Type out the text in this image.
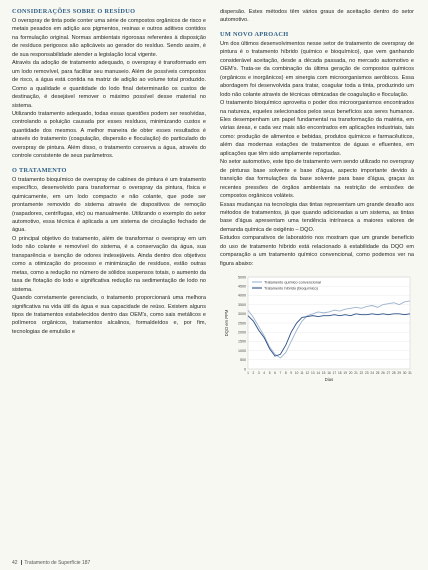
CONSIDERAÇÕES SOBRE O RESÍDUO

O overspray de tinta pode conter uma série de compostos orgânicos de risco e metais pesados em adição aos pigmentos, resinas e outros aditivos contidos na formulação original. Normas ambientais rigorosas referentes à disposição de resíduos perigosos são aplicáveis ao gerador do resíduo. Sendo assim, é de sua responsabilidade atender a legislação local vigente.

Através da adoção de tratamento adequado, o overspray é transformado em um lodo removível, para facilitar seu manuseio. Além de possíveis compostos de risco, a água está contida na matriz de adição ao volume total produzido. Como a qualidade e quantidade do lodo final determinarão os custos de destinação, é desejável remover o máximo possível desse material no sistema.

Utilizando tratamento adequado, todas essas questões podem ser resolvidas, controlando a poluição causada por esses resíduos, minimizando custos e quantidade dos mesmos. A melhor maneira de obter esses resultados é através do tratamento (coagulação, dispersão e floculação) do particulado do overspray de pintura. Além disso, o tratamento conserva a água, através do controle consistente de seus parâmetros.

O TRATAMENTO

O tratamento bioquímico de overspray de cabines de pintura é um tratamento específico, desenvolvido para transformar o overspray da pintura, física e quimicamente, em um lodo compacto e não colante, que pode ser prontamente removido do sistema através de dispositivos de remoção (raspadores, centrífugas, etc) ou manualmente. Utilizando o exemplo do setor automotivo, essa técnica é aplicada a um sistema de circulação fechado de água.

O principal objetivo do tratamento, além de transformar o overspray em um lodo não colante e removível do sistema, é a conservação da água, sua transparência e isenção de odores indesejáveis. Ainda dentro dos objetivos como a otimização do processo e minimização de resíduos, estão outras metas, como a redução no número de sólidos suspensos totais, o aumento da taxa de flotação do lodo e significativa redução na sedimentação de lodo no sistema.

Quando corretamente gerenciado, o tratamento proporcionará uma melhora significativa na vida útil da água e sua capacidade de reúso. Existem alguns tipos de tratamentos estabelecidos dentro das OEM's, como sais metálicos e polímeros orgânicos, tratamentos alcalinos, formaldeídos e, por fim, tecnologias de emulsão e

dispersão. Estes métodos têm vários graus de aceitação dentro do setor automotivo.

UM NOVO APROACH

Um dos últimos desenvolvimentos nesse setor de tratamento de overspray de pintura é o tratamento híbrido (químico e bioquímico), que vem ganhando considerável aceitação, desde a década passada, no mercado automotivo e OEM's. Trata-se da combinação da última geração de compostos químicos (orgânicos e inorgânicos) em sinergia com microorganismos aeróbicos. Essa abordagem foi desenvolvida para tratar, coagular toda a tinta, produzindo um lodo não colante através de técnicas otimizadas de coagulação e floculação.

O tratamento bioquímico aproveita o poder dos microorganismos encontrados na natureza, equeles selecionados pelos seus benefícios aos seres humanos. Eles desempenham um papel fundamental na transformação da matéria, em várias áreas, e cada vez mais são encontrados em aplicações industriais, tais como: produção de alimentos e bebidas, produtos químicos e farmacêuticos, além das modernas estações de tratamentos de águas e efluentes, em aplicações que têm sido amplamente reportadas.

No setor automotivo, este tipo de tratamento vem sendo utilizado no overspray de pinturas base solvente e base d'água, aspecto importante devido à transição das formulações da base solvente para base d'água, graças às recentes pressões de órgãos ambientais na restrição de emissões de compostos orgânicos voláteis.

Essas mudanças na tecnologia das tintas representam um grande desafio aos métodos de tratamentos, já que quando adicionadas a um sistema, as tintas base d'água apresentam uma tendência intrínseca a maiores valores de demanda química de oxigênio – DQO.

Estudos comparativos de laboratório nos mostram que um grande benefício do uso de tratamento híbrido está relacionado à estabilidade da DQO em comparação a um tratamento químico convencional, como podemos ver na figura abaixo:

0
500
1000
1500
2000
2500
3000
3500
4000
4500
5000
1 2 3 4 5 6 7 8 9 10 11 12 13 14 15 16 17 18 19 20 21 22 23 24 25 26 27 28 29 30 31
Dias
DQO em PPM
Tratamento químico convencional
Tratamento híbrido (bioquímico)
42 Tratamento de Superfície 187
